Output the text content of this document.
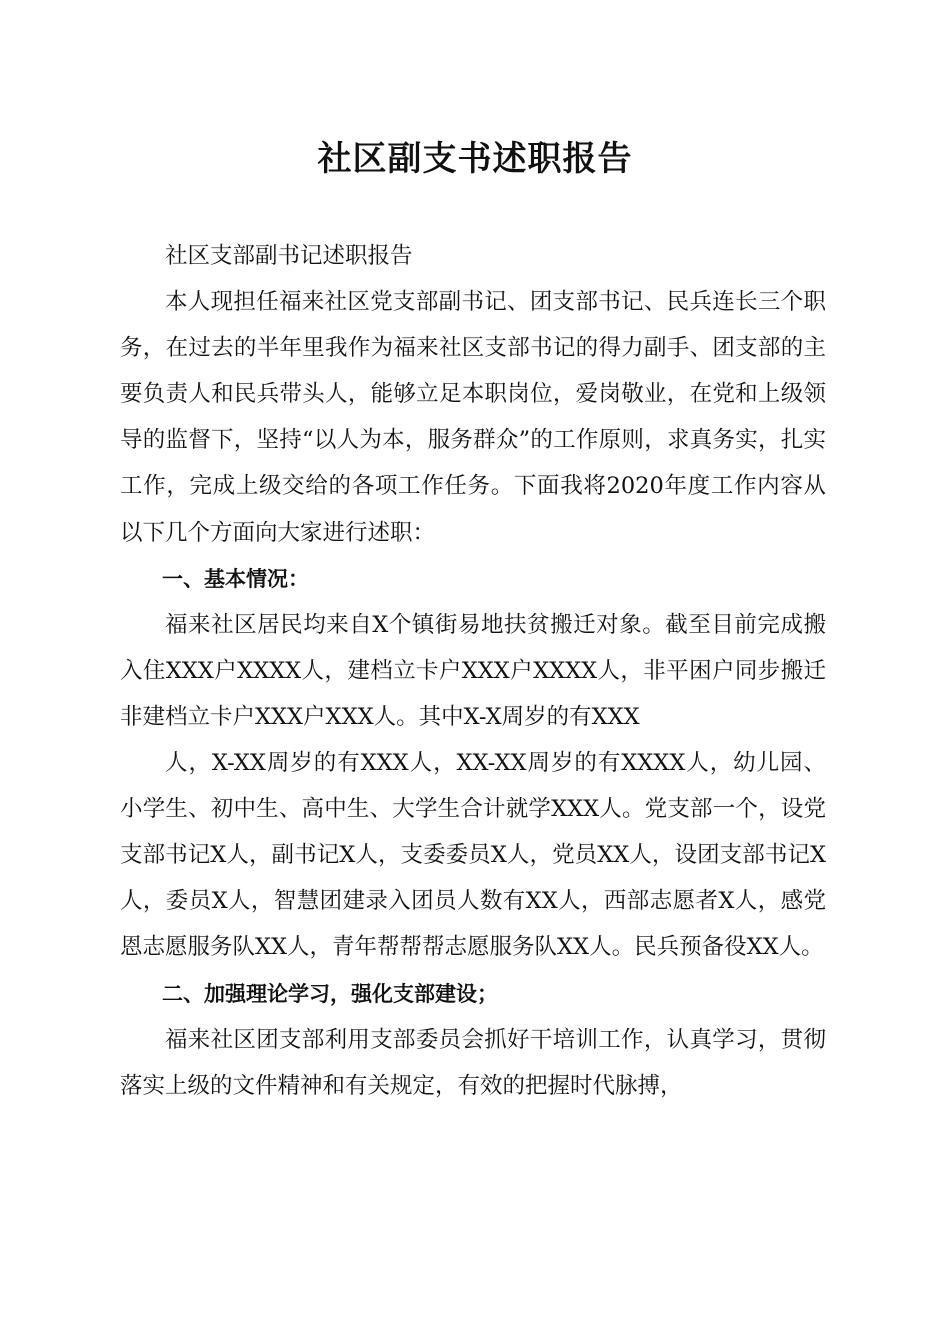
社区副支书述职报告

社区支部副书记述职报告

本人现担任福来社区党支部副书记、团支部书记、民兵连长三个职务，在过去的半年里我作为福来社区支部书记的得力副手、团支部的主要负责人和民兵带头人，能够立足本职岗位，爱岗敬业，在党和上级领导的监督下，坚持“以人为本，服务群众”的工作原则，求真务实，扎实工作，完成上级交给的各项工作任务。下面我将2020年度工作内容从以下几个方面向大家进行述职：

一、基本情况：

福来社区居民均来自X个镇街易地扶贫搬迁对象。截至目前完成搬入住XXX户XXXX人，建档立卡户XXX户XXXX人，非平困户同步搬迁非建档立卡户XXX户XXX人。其中X-X周岁的有XXX

人，X-XX周岁的有XXX人，XX-XX周岁的有XXXX人，幼儿园、小学生、初中生、高中生、大学生合计就学XXX人。党支部一个，设党支部书记X人，副书记X人，支委委员X人，党员XX人，设团支部书记X人，委员X人，智慧团建录入团员人数有XX人，西部志愿者X人，感党恩志愿服务队XX人，青年帮帮帮志愿服务队XX人。民兵预备役XX人。

二、加强理论学习，强化支部建设；

福来社区团支部利用支部委员会抓好干培训工作，认真学习，贯彻落实上级的文件精神和有关规定，有效的把握时代脉搏，
